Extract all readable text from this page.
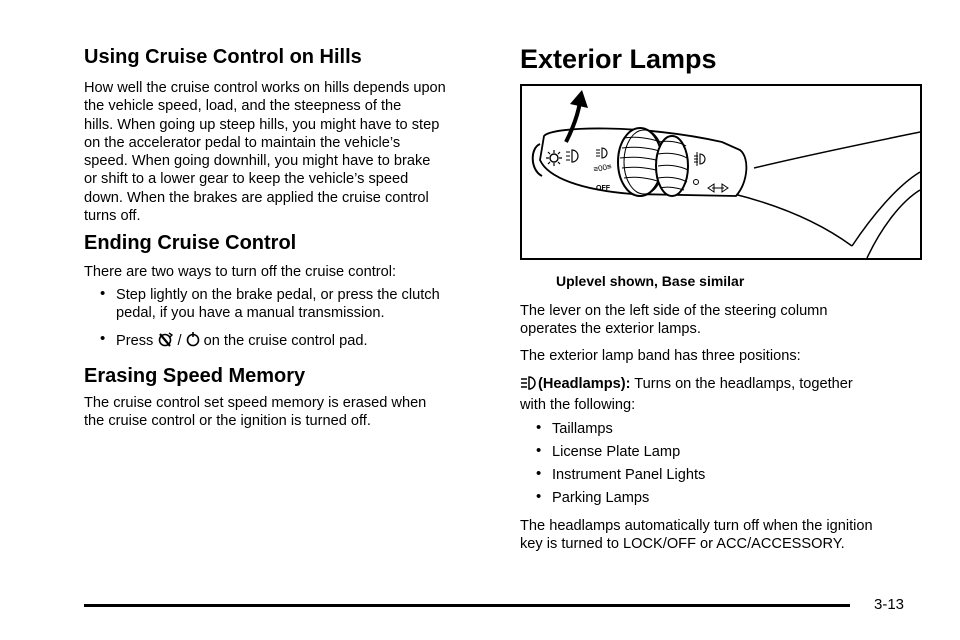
Using Cruise Control on Hills
How well the cruise control works on hills depends upon
the vehicle speed, load, and the steepness of the
hills. When going up steep hills, you might have to step
on the accelerator pedal to maintain the vehicle’s
speed. When going downhill, you might have to brake
or shift to a lower gear to keep the vehicle’s speed
down. When the brakes are applied the cruise control
turns off.
Ending Cruise Control
There are two ways to turn off the cruise control:
• Step lightly on the brake pedal, or press the clutch
pedal, if you have a manual transmission.
• Press / on the cruise control pad.
Erasing Speed Memory
The cruise control set speed memory is erased when
the cruise control or the ignition is turned off.
Exterior Lamps
≡00≡
OFF
Uplevel shown, Base similar
The lever on the left side of the steering column
operates the exterior lamps.
The exterior lamp band has three positions:
(Headlamps): Turns on the headlamps, together
with the following:
• Taillamps
• License Plate Lamp
• Instrument Panel Lights
• Parking Lamps
The headlamps automatically turn off when the ignition
key is turned to LOCK/OFF or ACC/ACCESSORY.
3-13
